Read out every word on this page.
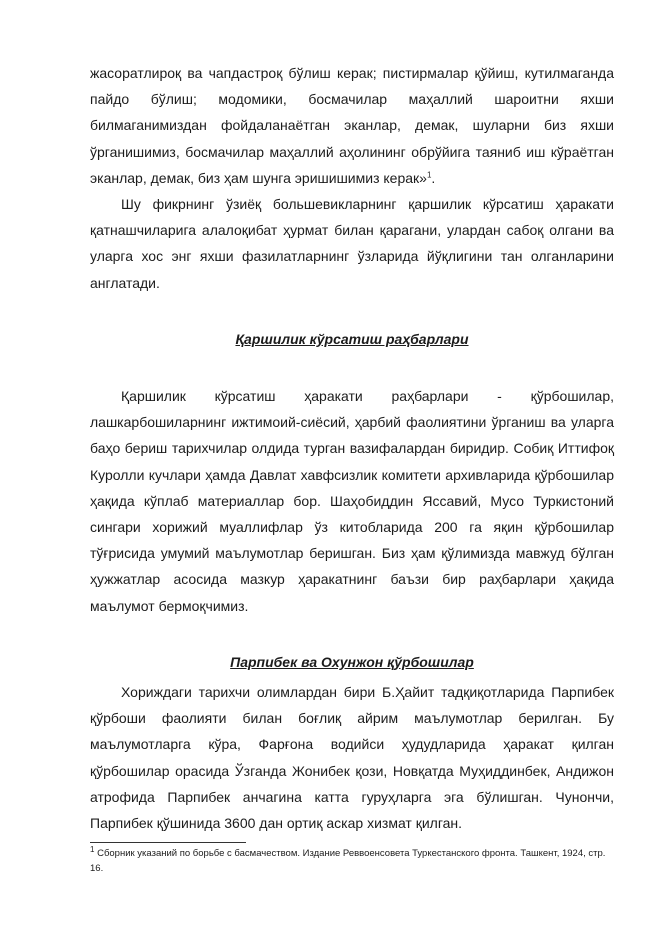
жасоратлироқ ва чапдастроқ бўлиш керак; пистирмалар қўйиш, кутилмаганда пайдо бўлиш; модомики, босмачилар маҳаллий шароитни яхши билмаганимиздан фойдаланаётган эканлар, демак, шуларни биз яхши ўрганишимиз, босмачилар маҳаллий аҳолининг обрўйига таяниб иш кўраётган эканлар, демак, биз ҳам шунга эришишимиз керак»$^1$.

Шу фикрнинг ўзиёқ большевикларнинг қаршилик кўрсатиш ҳаракати қатнашчиларига алалоқибат ҳурмат билан қарагани, улардан сабоқ олгани ва уларга хос энг яхши фазилатларнинг ўзларида йўқлигини тан олганларини англатади.

Қаршилик кўрсатиш раҳбарлари

Қаршилик кўрсатиш ҳаракати раҳбарлари - қўрбошилар, лашкарбошиларнинг ижтимоий-сиёсий, ҳарбий фаолиятини ўрганиш ва уларга баҳо бериш тарихчилар олдида турган вазифалардан биридир. Собиқ Иттифоқ Куролли кучлари ҳамда Давлат хавфсизлик комитети архивларида қўрбошилар ҳақида кўплаб материаллар бор. Шаҳобиддин Яссавий, Мусо Туркистоний сингари хорижий муаллифлар ўз китобларида 200 га яқин қўрбошилар тўғрисида умумий маълумотлар беришган. Биз ҳам қўлимизда мавжуд бўлган ҳужжатлар асосида мазкур ҳаракатнинг баъзи бир раҳбарлари ҳақида маълумот бермоқчимиз.

Парпибек ва Охунжон қўрбошилар

Хориждаги тарихчи олимлардан бири Б.Ҳайит тадқиқотларида Парпибек қўрбоши фаолияти билан боғлиқ айрим маълумотлар берилган. Бу маълумотларга кўра, Фарғона водийси ҳудудларида ҳаракат қилган қўрбошилар орасида Ўзганда Жонибек қози, Новқатда Муҳиддинбек, Андижон атрофида Парпибек анчагина катта гуруҳларга эга бўлишган. Чунончи, Парпибек қўшинида 3600 дан ортиқ аскар хизмат қилган.

$^1$ Сборник указаний по борьбе с басмачеством. Издание Реввоенсовета Туркестанского фронта. Ташкент, 1924, стр. 16.
